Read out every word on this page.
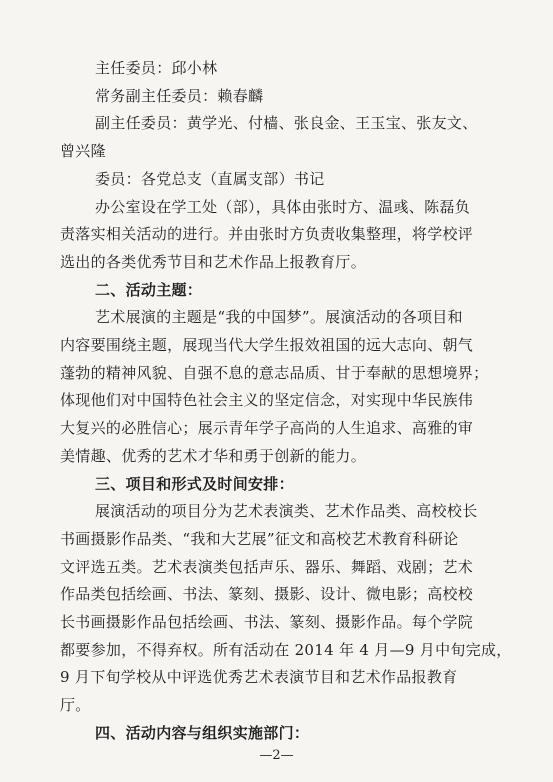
主任委员：邱小林
常务副主任委员：赖春麟
副主任委员：黄学光、付樯、张良金、王玉宝、张友文、
曾兴隆
委员：各党总支（直属支部）书记
办公室设在学工处（部），具体由张时方、温彧、陈磊负
责落实相关活动的进行。并由张时方负责收集整理，将学校评
选出的各类优秀节目和艺术作品上报教育厅。
二、活动主题：
艺术展演的主题是“我的中国梦”。展演活动的各项目和
内容要围绕主题，展现当代大学生报效祖国的远大志向、朝气
蓬勃的精神风貌、自强不息的意志品质、甘于奉献的思想境界；
体现他们对中国特色社会主义的坚定信念，对实现中华民族伟
大复兴的必胜信心；展示青年学子高尚的人生追求、高雅的审
美情趣、优秀的艺术才华和勇于创新的能力。
三、项目和形式及时间安排：
展演活动的项目分为艺术表演类、艺术作品类、高校校长
书画摄影作品类、“我和大艺展”征文和高校艺术教育科研论
文评选五类。艺术表演类包括声乐、器乐、舞蹈、戏剧；艺术
作品类包括绘画、书法、篆刻、摄影、设计、微电影；高校校
长书画摄影作品包括绘画、书法、篆刻、摄影作品。每个学院
—2—
都要参加，不得弃权。所有活动在 2014 年 4 月—9 月中旬完成，
9 月下旬学校从中评选优秀艺术表演节目和艺术作品报教育
厅。
四、活动内容与组织实施部门：
